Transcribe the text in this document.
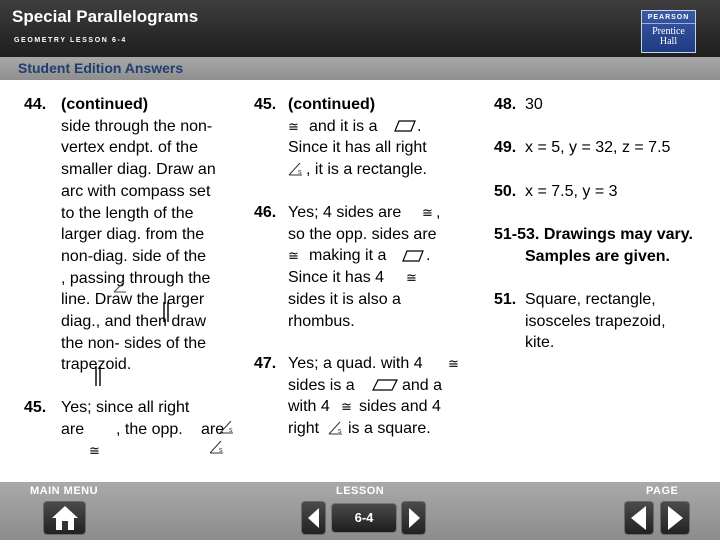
Special Parallelograms
GEOMETRY LESSON 6-4
PEARSON
Prentice
Hall
Student Edition Answers
44. (continued)
side through the non-
vertex endpt. of the
smaller diag. Draw an
arc with compass set
to the length of the
larger diag. from the
non-diag. side of the
, passing through the
line. Draw the larger
diag., and then draw
the non- sides of the
trapezoid.
45. Yes; since all right
are , the opp. are
≅
s
s
45. (continued)
≅ and it is a .
Since it has all right
s , it is a rectangle.
46. Yes; 4 sides are ≅ ,
so the opp. sides are
≅ making it a .
Since it has 4 ≅
sides it is also a
rhombus.
47. Yes; a quad. with 4 ≅
sides is a	and a
with 4 ≅ sides and 4
right	s is a square.
48. 30
49. x = 5, y = 32, z = 7.5
50. x = 7.5, y = 3
51-53. Drawings may vary.
Samples are given.
51. Square, rectangle,
isosceles trapezoid,
kite.
MAIN MENU	LESSON	PAGE
6-4
